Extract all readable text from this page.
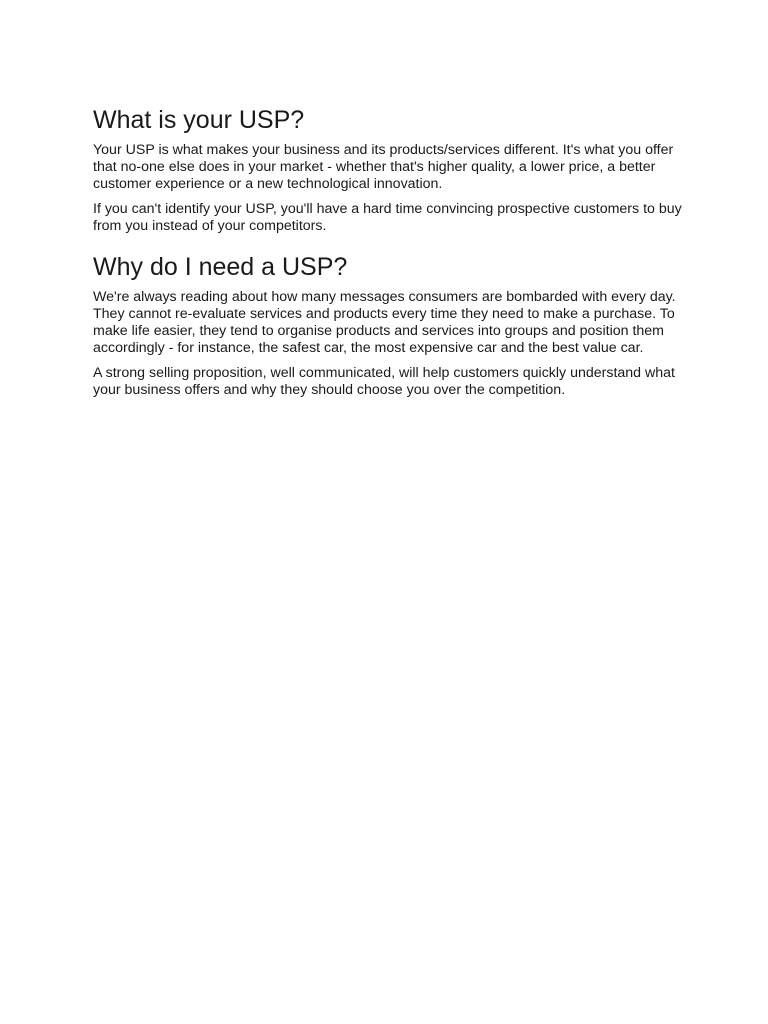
What is your USP?

Your USP is what makes your business and its products/services different. It's what you offer that no-one else does in your market - whether that's higher quality, a lower price, a better customer experience or a new technological innovation.

If you can't identify your USP, you'll have a hard time convincing prospective customers to buy from you instead of your competitors.

Why do I need a USP?

We're always reading about how many messages consumers are bombarded with every day. They cannot re-evaluate services and products every time they need to make a purchase. To make life easier, they tend to organise products and services into groups and position them accordingly - for instance, the safest car, the most expensive car and the best value car.

A strong selling proposition, well communicated, will help customers quickly understand what your business offers and why they should choose you over the competition.
